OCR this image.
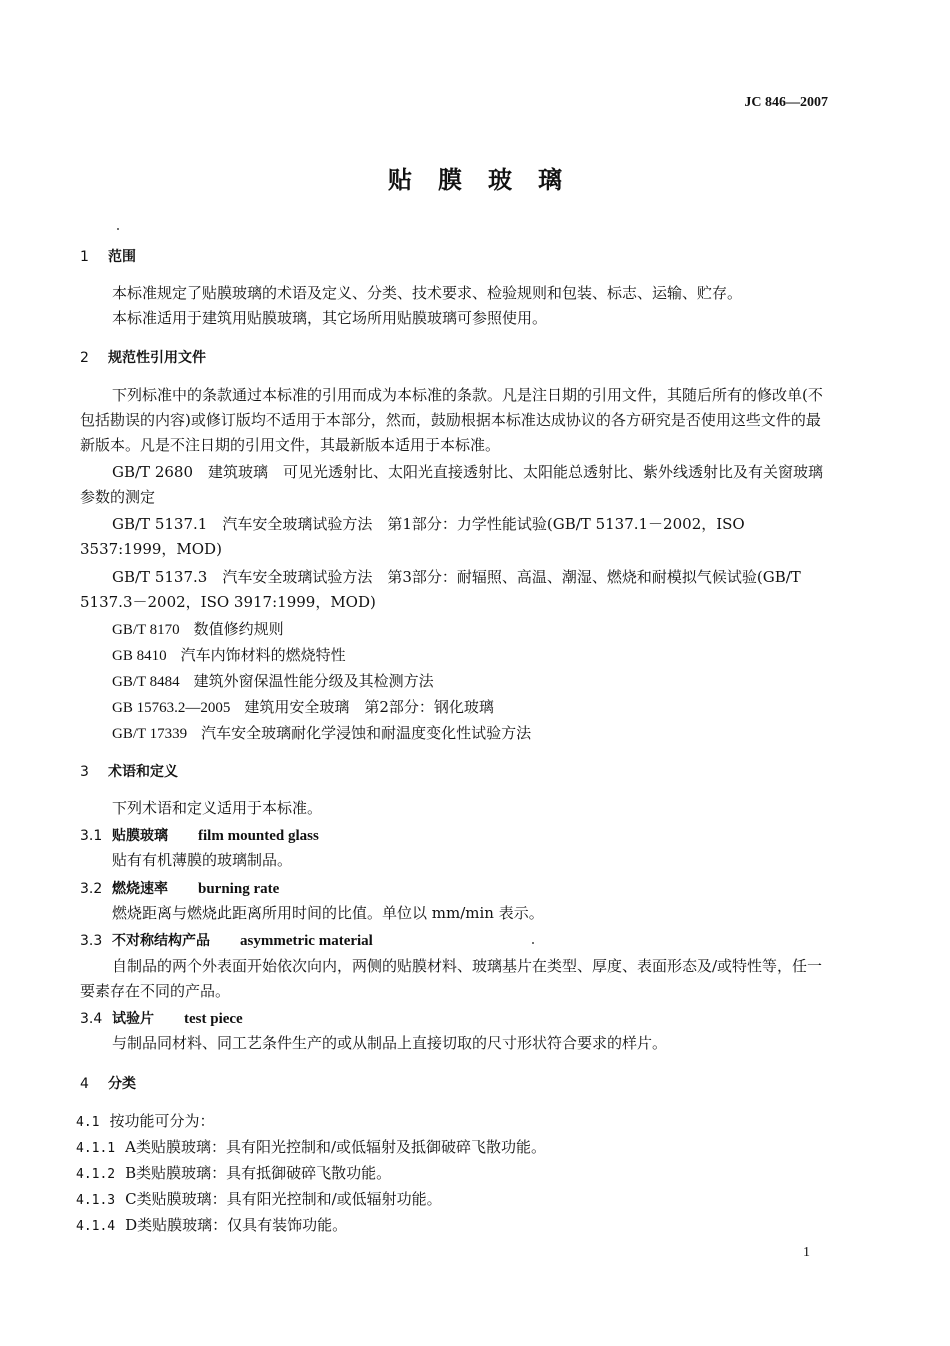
JC 846—2007
贴膜玻璃
1 范围

本标准规定了贴膜玻璃的术语及定义、分类、技术要求、检验规则和包装、标志、运输、贮存。

本标准适用于建筑用贴膜玻璃，其它场所用贴膜玻璃可参照使用。

2 规范性引用文件

下列标准中的条款通过本标准的引用而成为本标准的条款。凡是注日期的引用文件，其随后所有的修改单(不包括勘误的内容)或修订版均不适用于本部分，然而，鼓励根据本标准达成协议的各方研究是否使用这些文件的最新版本。凡是不注日期的引用文件，其最新版本适用于本标准。

GB/T 2680　 建筑玻璃　可见光透射比、太阳光直接透射比、太阳能总透射比、紫外线透射比及有关窗玻璃参数的测定

GB/T 5137.1　 汽车安全玻璃试验方法　第1部分：力学性能试验(GB/T 5137.1－2002，ISO 3537:1999，MOD)

GB/T 5137.3　 汽车安全玻璃试验方法　第3部分：耐辐照、高温、潮湿、燃烧和耐模拟气候试验(GB/T 5137.3－2002，ISO 3917:1999，MOD)

GB/T 8170 数值修约规则
GB 8410 汽车内饰材料的燃烧特性
GB/T 8484 建筑外窗保温性能分级及其检测方法
GB 15763.2—2005 建筑用安全玻璃　第2部分：钢化玻璃
GB/T 17339 汽车安全玻璃耐化学浸蚀和耐温度变化性试验方法
3 术语和定义

下列术语和定义适用于本标准。

3.1 贴膜玻璃 film mounted glass

贴有有机薄膜的玻璃制品。

3.2 燃烧速率 burning rate

燃烧距离与燃烧此距离所用时间的比值。单位以 mm/min 表示。

3.3 不对称结构产品 asymmetric material

自制品的两个外表面开始依次向内，两侧的贴膜材料、玻璃基片在类型、厚度、表面形态及/或特性等，任一要素存在不同的产品。

3.4 试验片 test piece

与制品同材料、同工艺条件生产的或从制品上直接切取的尺寸形状符合要求的样片。

4 分类
4.1 按功能可分为：
4.1.1 A类贴膜玻璃：具有阳光控制和/或低辐射及抵御破碎飞散功能。
4.1.2 B类贴膜玻璃：具有抵御破碎飞散功能。
4.1.3 C类贴膜玻璃：具有阳光控制和/或低辐射功能。
4.1.4 D类贴膜玻璃：仅具有装饰功能。
1
